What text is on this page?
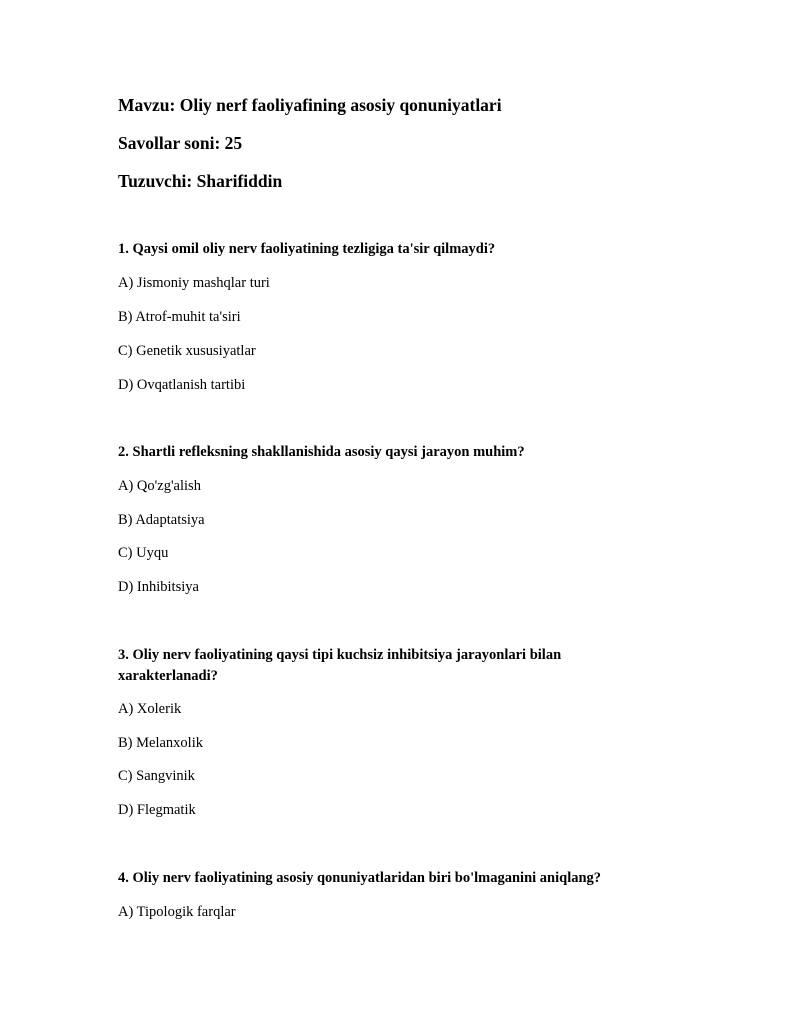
Mavzu: Oliy nerf faoliyafining asosiy qonuniyatlari
Savollar soni: 25
Tuzuvchi: Sharifiddin
1. Qaysi omil oliy nerv faoliyatining tezligiga ta'sir qilmaydi?
A) Jismoniy mashqlar turi
B) Atrof-muhit ta'siri
C) Genetik xususiyatlar
D) Ovqatlanish tartibi
2. Shartli refleksning shakllanishida asosiy qaysi jarayon muhim?
A) Qo'zg'alish
B) Adaptatsiya
C) Uyqu
D) Inhibitsiya
3. Oliy nerv faoliyatining qaysi tipi kuchsiz inhibitsiya jarayonlari bilan xarakterlanadi?
A) Xolerik
B) Melanxolik
C) Sangvinik
D) Flegmatik
4. Oliy nerv faoliyatining asosiy qonuniyatlaridan biri bo'lmaganini aniqlang?
A) Tipologik farqlar
